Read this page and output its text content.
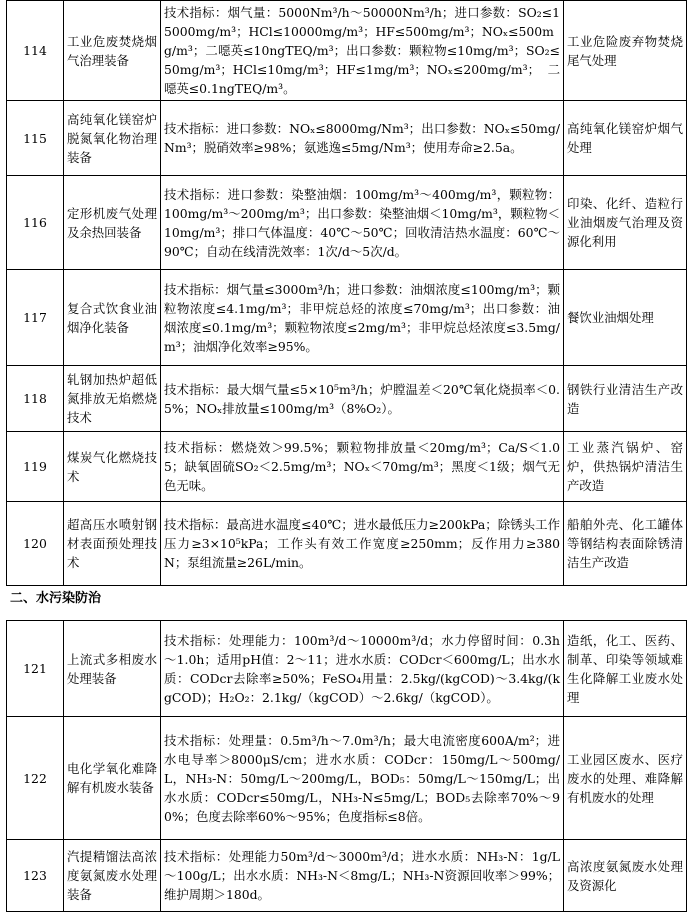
114	工业危废焚烧烟气治理装备	技术指标：烟气量：5000Nm³/h～50000Nm³/h；进口参数：SO₂≤15000mg/m³；HCl≤10000mg/m³；HF≤500mg/m³；NOₓ≤500mg/m³；二噁英≤10ngTEQ/m³；出口参数：颗粒物≤10mg/m³；SO₂≤50mg/m³；HCl≤10mg/m³；HF≤1mg/m³；NOₓ≤200mg/m³；二噁英≤0.1ngTEQ/m³。	工业危险废弃物焚烧尾气处理
115	高纯氧化镁窑炉脱氮氧化物治理装备	技术指标：进口参数：NOₓ≤8000mg/Nm³；出口参数：NOₓ≤50mg/Nm³；脱硝效率≥98%；氨逃逸≤5mg/Nm³；使用寿命≥2.5a。	高纯氧化镁窑炉烟气处理
116	定形机废气处理及余热回装备	技术指标：进口参数：染整油烟：100mg/m³～400mg/m³，颗粒物：100mg/m³～200mg/m³；出口参数：染整油烟＜10mg/m³，颗粒物＜10mg/m³；排口气体温度：40℃～50℃；回收清洁热水温度：60℃～90℃；自动在线清洗效率：1次/d～5次/d。	印染、化纤、造粒行业油烟废气治理及资源化利用
117	复合式饮食业油烟净化装备	技术指标：烟气量≤3000m³/h；进口参数：油烟浓度≤100mg/m³；颗粒物浓度≤4.1mg/m³；非甲烷总烃的浓度≤70mg/m³；出口参数：油烟浓度≤0.1mg/m³；颗粒物浓度≤2mg/m³；非甲烷总烃浓度≤3.5mg/m³；油烟净化效率≥95%。	餐饮业油烟处理
118	轧钢加热炉超低氮排放无焰燃烧技术	技术指标：最大烟气量≤5×10⁵m³/h；炉膛温差＜20℃氧化烧损率＜0.5%；NOₓ排放量≤100mg/m³（8%O₂）。	钢铁行业清洁生产改造
119	煤炭气化燃烧技术	技术指标：燃烧效＞99.5%；颗粒物排放量＜20mg/m³；Ca/S＜1.05；缺氧固硫SO₂＜2.5mg/m³；NOₓ＜70mg/m³；黑度＜1级；烟气无色无味。	工业蒸汽锅炉、窑炉，供热锅炉清洁生产改造
120	超高压水喷射钢材表面预处理技术	技术指标：最高进水温度≤40℃；进水最低压力≥200kPa；除锈头工作压力≥3×10⁵kPa；工作头有效工作宽度≥250mm；反作用力≥380N；泵组流量≥26L/min。	船舶外壳、化工罐体等钢结构表面除锈清洁生产改造
二、水污染防治
121	上流式多相废水处理装备	技术指标：处理能力：100m³/d～10000m³/d；水力停留时间：0.3h～1.0h；适用pH值：2～11；进水水质：CODcr＜600mg/L；出水水质：CODcr去除率≥50%；FeSO₄用量：2.5kg/(kgCOD)～3.4kg/(kgCOD)；H₂O₂：2.1kg/（kgCOD）～2.6kg/（kgCOD）。	造纸，化工、医药、制革、印染等领域难生化降解工业废水处理
122	电化学氧化难降解有机废水装备	技术指标：处理量：0.5m³/h～7.0m³/h；最大电流密度600A/m²；进水电导率＞8000μS/cm；进水水质：CODcr：150mg/L～500mg/L，NH₃-N：50mg/L～200mg/L，BOD₅：50mg/L～150mg/L；出水水质：CODcr≤50mg/L，NH₃-N≤5mg/L；BOD₅去除率70%～90%；色度去除率60%～95%；色度指标≤8倍。	工业园区废水、医疗废水的处理、难降解有机废水的处理
123	汽提精馏法高浓度氨氮废水处理装备	技术指标：处理能力50m³/d～3000m³/d；进水水质：NH₃-N：1g/L～100g/L；出水水质：NH₃-N＜8mg/L；NH₃-N资源回收率＞99%；维护周期＞180d。	高浓度氨氮废水处理及资源化
